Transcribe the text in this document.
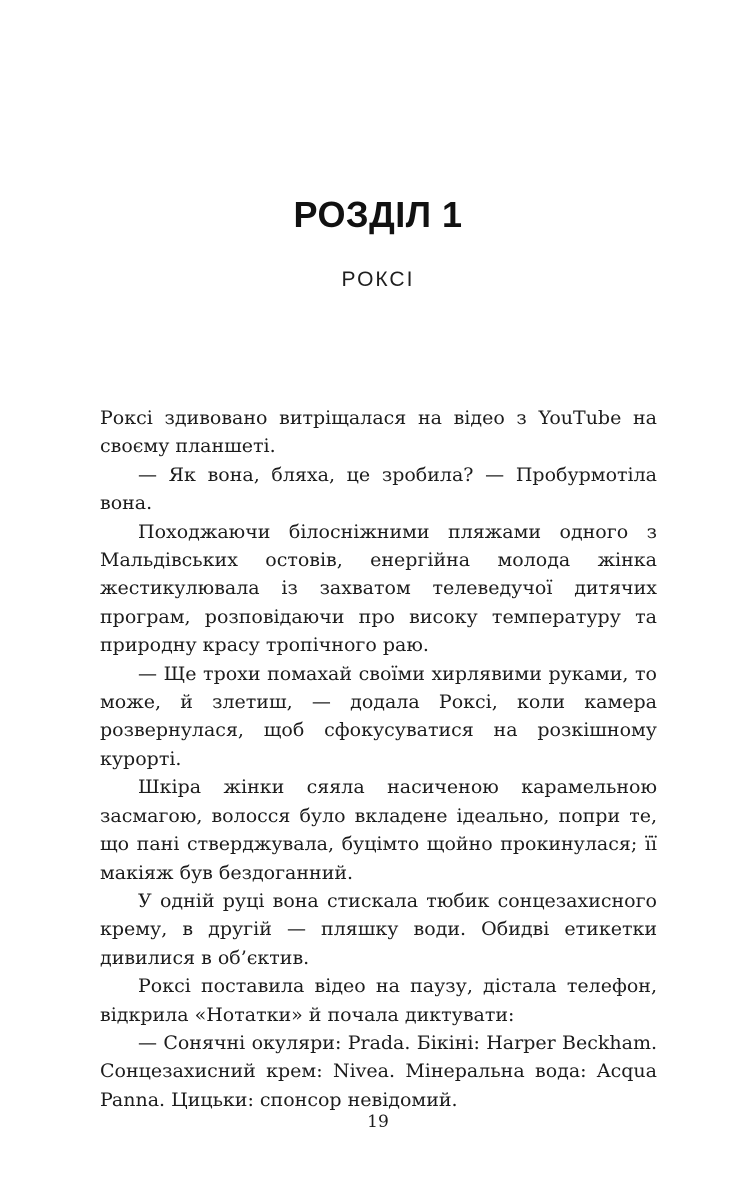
РОЗДІЛ 1
РОКСІ

Роксі здивовано витріщалася на відео з YouTube на своєму планшеті.

— Як вона, бляха, це зробила? — Пробурмотіла вона.

Походжаючи білосніжними пляжами одного з Мальдівських остовів, енергійна молода жінка жестикулювала із захватом телеведучої дитячих програм, розповідаючи про високу температуру та природну красу тропічного раю.

— Ще трохи помахай своїми хирлявими руками, то може, й злетиш, — додала Роксі, коли камера розвернулася, щоб сфокусуватися на розкішному курорті.

Шкіра жінки сяяла насиченою карамельною засмагою, волосся було вкладене ідеально, попри те, що пані стверджувала, буцімто щойно прокинулася; її макіяж був бездоганний.

У одній руці вона стискала тюбик сонцезахисного крему, в другій — пляшку води. Обидві етикетки дивилися в об’єктив.

Роксі поставила відео на паузу, дістала телефон, відкрила «Нотатки» й почала диктувати:

— Сонячні окуляри: Prada. Бікіні: Harper Beckham. Сонцезахисний крем: Nivea. Мінеральна вода: Acqua Panna. Цицьки: спонсор невідомий.

19
